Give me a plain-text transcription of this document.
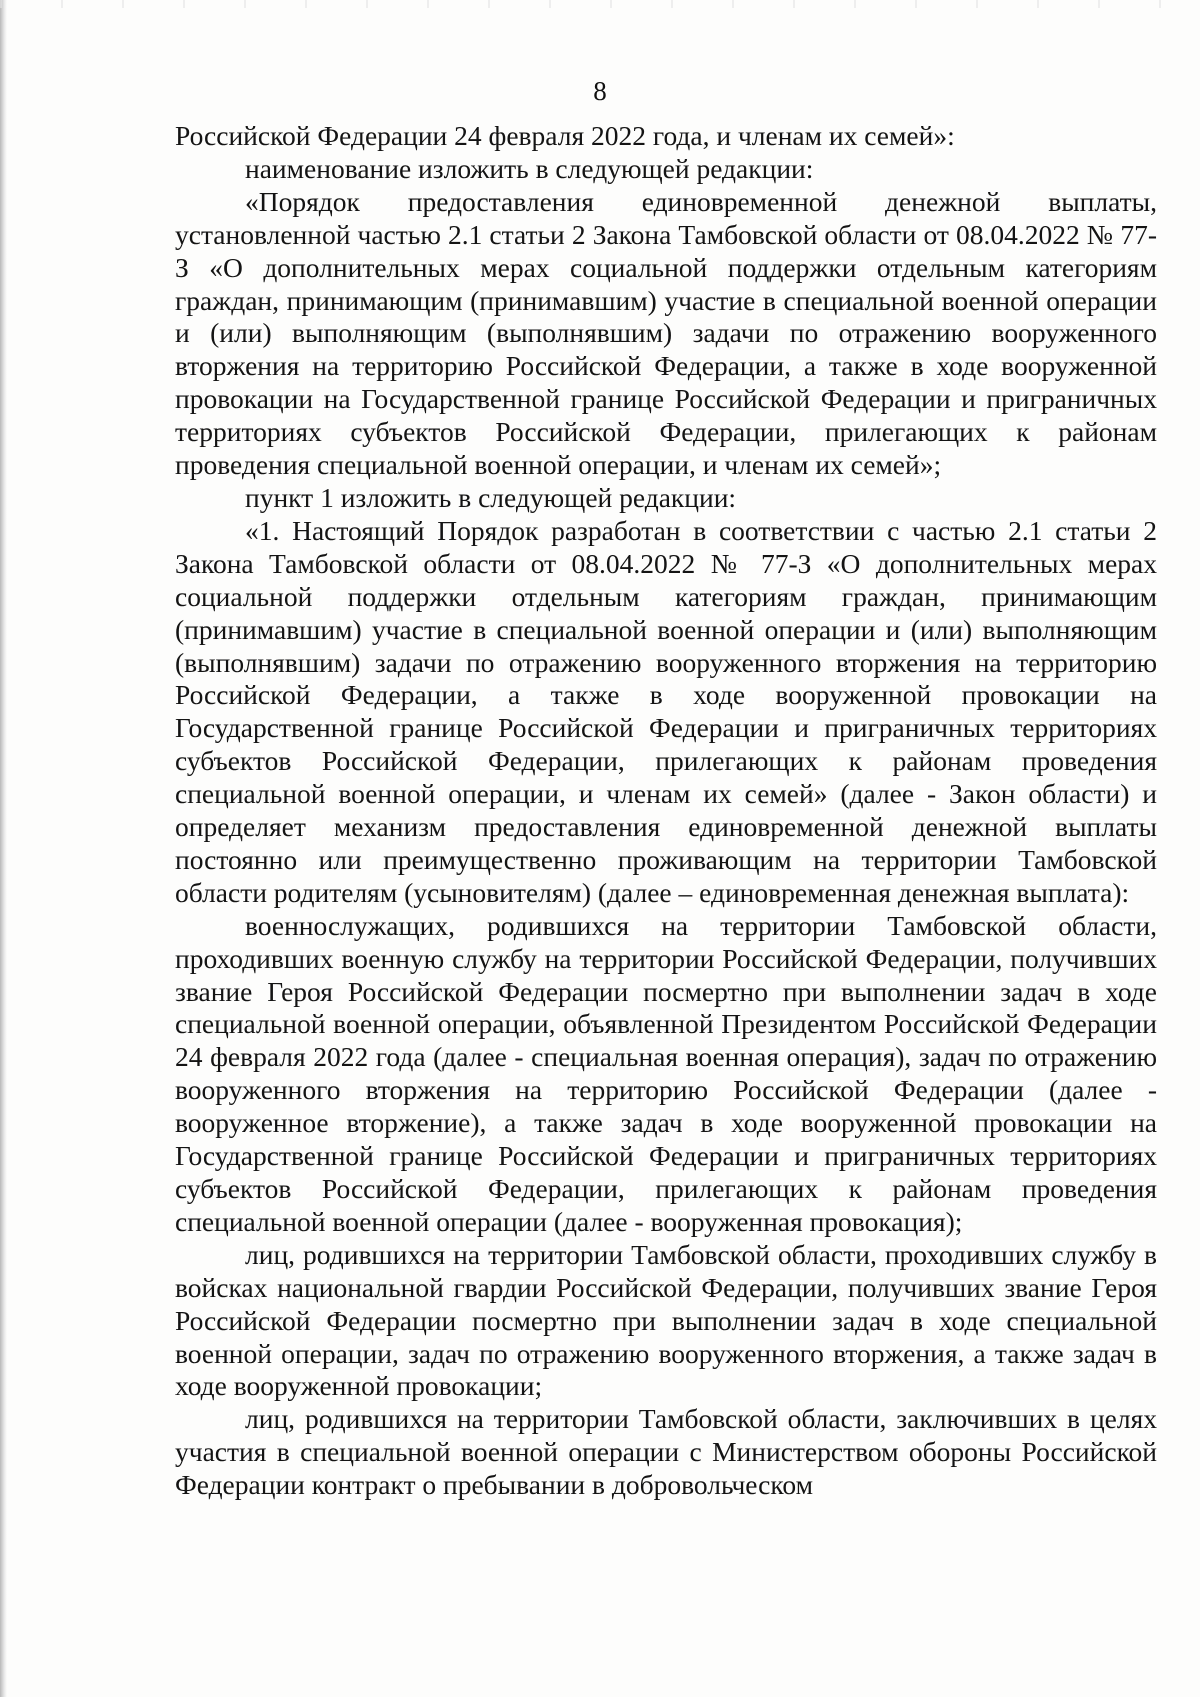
8

Российской Федерации 24 февраля 2022 года, и членам их семей»:

наименование изложить в следующей редакции:

«Порядок предоставления единовременной денежной выплаты, установленной частью 2.1 статьи 2 Закона Тамбовской области от 08.04.2022 № 77-З «О дополнительных мерах социальной поддержки отдельным категориям граждан, принимающим (принимавшим) участие в специальной военной операции и (или) выполняющим (выполнявшим) задачи по отражению вооруженного вторжения на территорию Российской Федерации, а также в ходе вооруженной провокации на Государственной границе Российской Федерации и приграничных территориях субъектов Российской Федерации, прилегающих к районам проведения специальной военной операции, и членам их семей»;

пункт 1 изложить в следующей редакции:

«1. Настоящий Порядок разработан в соответствии с частью 2.1 статьи 2 Закона Тамбовской области от 08.04.2022 № 77-З «О дополнительных мерах социальной поддержки отдельным категориям граждан, принимающим (принимавшим) участие в специальной военной операции и (или) выполняющим (выполнявшим) задачи по отражению вооруженного вторжения на территорию Российской Федерации, а также в ходе вооруженной провокации на Государственной границе Российской Федерации и приграничных территориях субъектов Российской Федерации, прилегающих к районам проведения специальной военной операции, и членам их семей» (далее - Закон области) и определяет механизм предоставления единовременной денежной выплаты постоянно или преимущественно проживающим на территории Тамбовской области родителям (усыновителям) (далее – единовременная денежная выплата):

военнослужащих, родившихся на территории Тамбовской области, проходивших военную службу на территории Российской Федерации, получивших звание Героя Российской Федерации посмертно при выполнении задач в ходе специальной военной операции, объявленной Президентом Российской Федерации 24 февраля 2022 года (далее - специальная военная операция), задач по отражению вооруженного вторжения на территорию Российской Федерации (далее - вооруженное вторжение), а также задач в ходе вооруженной провокации на Государственной границе Российской Федерации и приграничных территориях субъектов Российской Федерации, прилегающих к районам проведения специальной военной операции (далее - вооруженная провокация);

лиц, родившихся на территории Тамбовской области, проходивших службу в войсках национальной гвардии Российской Федерации, получивших звание Героя Российской Федерации посмертно при выполнении задач в ходе специальной военной операции, задач по отражению вооруженного вторжения, а также задач в ходе вооруженной провокации;

лиц, родившихся на территории Тамбовской области, заключивших в целях участия в специальной военной операции с Министерством обороны Российской Федерации контракт о пребывании в добровольческом
